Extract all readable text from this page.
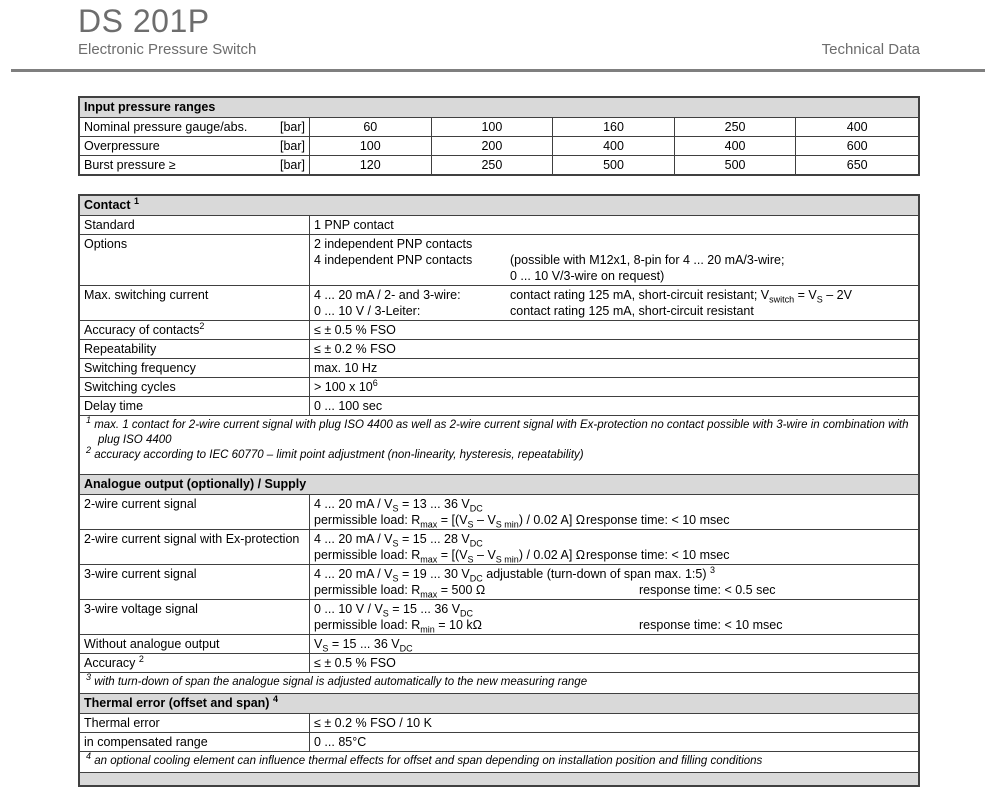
DS 201P
Electronic Pressure Switch	Technical Data
Input pressure ranges
Nominal pressure gauge/abs.	[bar]	60	100	160	250	400
Overpressure	[bar]	100	200	400	400	600
Burst pressure ≥	[bar]	120	250	500	500	650
Contact $^1$
Standard	1 PNP contact
Options	2 independent PNP contacts
4 independent PNP contacts	(possible with M12x1, 8-pin for 4 ... 20 mA/3-wire;
0 ... 10 V/3-wire on request)
Max. switching current	4 ... 20 mA / 2- and 3-wire:	contact rating 125 mA, short-circuit resistant; $V_{switch} = V_S - 2V$
0 ... 10 V / 3-Leiter:	contact rating 125 mA, short-circuit resistant
Accuracy of contacts$^2$	≤ ± 0.5 % FSO
Repeatability	≤ ± 0.2 % FSO
Switching frequency	max. 10 Hz
Switching cycles	> 100 x $10^6$
Delay time	0 ... 100 sec

$^1$ max. 1 contact for 2-wire current signal with plug ISO 4400 as well as 2-wire current signal with Ex-protection no contact possible with 3-wire in combination with plug ISO 4400

$^2$ accuracy according to IEC 60770 – limit point adjustment (non-linearity, hysteresis, repeatability)

Analogue output (optionally) / Supply
2-wire current signal	4 ... 20 mA / $V_S = 13$ ... 36 $V_{DC}$
permissible load: $R_{max} = [(V_S - V_{S min}) / 0.02$ A] Ω response time: < 10 msec
2-wire current signal with Ex-protection	4 ... 20 mA / $V_S = 15$ ... 28 $V_{DC}$
permissible load: $R_{max} = [(V_S - V_{S min}) / 0.02$ A] Ω response time: < 10 msec
3-wire current signal	4 ... 20 mA / $V_S = 19$ ... 30 $V_{DC}$ adjustable (turn-down of span max. 1:5) $^3$
permissible load: $R_{max} = 500$ Ω	response time: < 0.5 sec
3-wire voltage signal	0 ... 10 $V / V_S = 15$ ... 36 $V_{DC}$
permissible load: $R_{min} = 10$ kΩ	response time: < 10 msec
Without analogue output	$V_S = 15$ ... 36 $V_{DC}$
Accuracy $^2$	≤ ± 0.5 % FSO

$^3$ with turn-down of span the analogue signal is adjusted automatically to the new measuring range

Thermal error (offset and span) $^4$
Thermal error	≤ ± 0.2 % FSO / 10 K
in compensated range	0 ... 85°C

$^4$ an optional cooling element can influence thermal effects for offset and span depending on installation position and filling conditions
